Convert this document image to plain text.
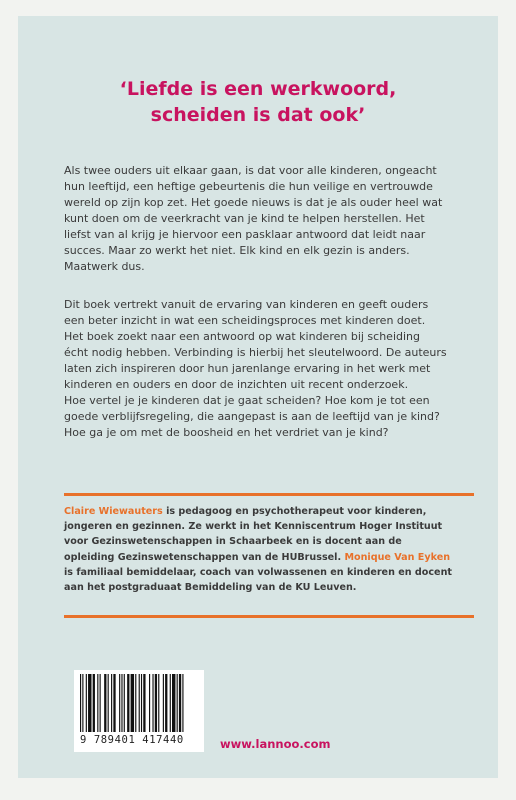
‘Liefde is een werkwoord,
scheiden is dat ook’

Als twee ouders uit elkaar gaan, is dat voor alle kinderen, ongeacht
hun leeftijd, een heftige gebeurtenis die hun veilige en vertrouwde
wereld op zijn kop zet. Het goede nieuws is dat je als ouder heel wat
kunt doen om de veerkracht van je kind te helpen herstellen. Het
liefst van al krijg je hiervoor een pasklaar antwoord dat leidt naar
succes. Maar zo werkt het niet. Elk kind en elk gezin is anders.
Maatwerk dus.

Dit boek vertrekt vanuit de ervaring van kinderen en geeft ouders
een beter inzicht in wat een scheidingsproces met kinderen doet.
Het boek zoekt naar een antwoord op wat kinderen bij scheiding
écht nodig hebben. Verbinding is hierbij het sleutelwoord. De auteurs
laten zich inspireren door hun jarenlange ervaring in het werk met
kinderen en ouders en door de inzichten uit recent onderzoek.
Hoe vertel je je kinderen dat je gaat scheiden? Hoe kom je tot een
goede verblijfsregeling, die aangepast is aan de leeftijd van je kind?
Hoe ga je om met de boosheid en het verdriet van je kind?

Claire Wiewauters is pedagoog en psychotherapeut voor kinderen,
jongeren en gezinnen. Ze werkt in het Kenniscentrum Hoger Instituut
voor Gezinswetenschappen in Schaarbeek en is docent aan de
opleiding Gezinswetenschappen van de HUBrussel. Monique Van Eyken
is familiaal bemiddelaar, coach van volwassenen en kinderen en docent
aan het postgraduaat Bemiddeling van de KU Leuven.
9 789401 417440	www.lannoo.com
